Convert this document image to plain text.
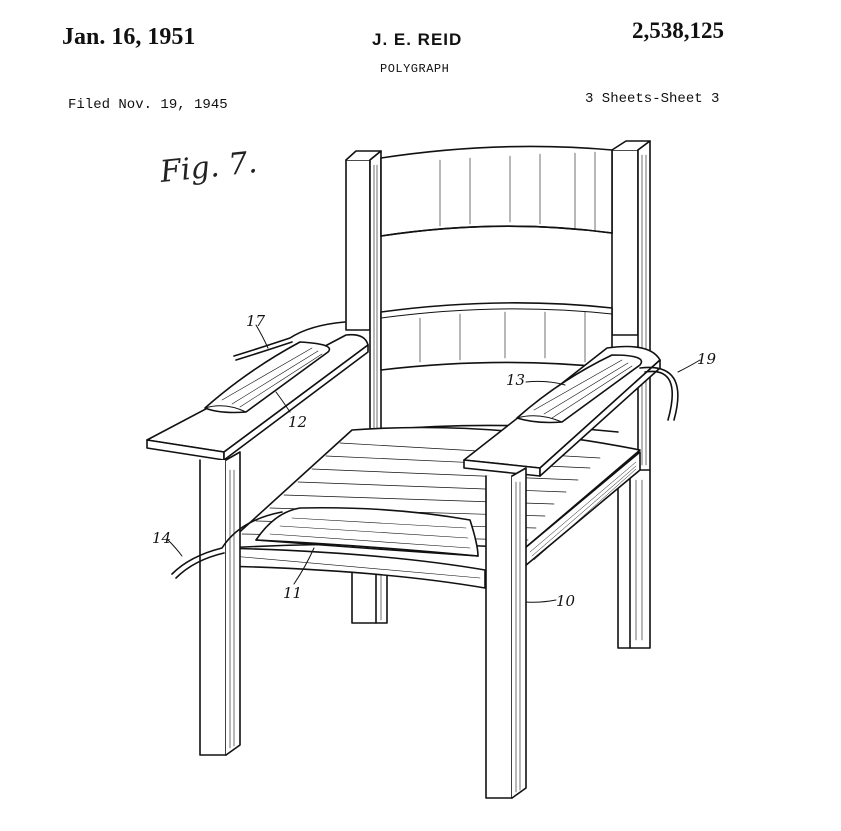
Jan. 16, 1951	J. E. REID	2,538,125
POLYGRAPH
Filed Nov. 19, 1945	3 Sheets-Sheet 3
Fig. 7.
17
12
13
19
14
11	10
